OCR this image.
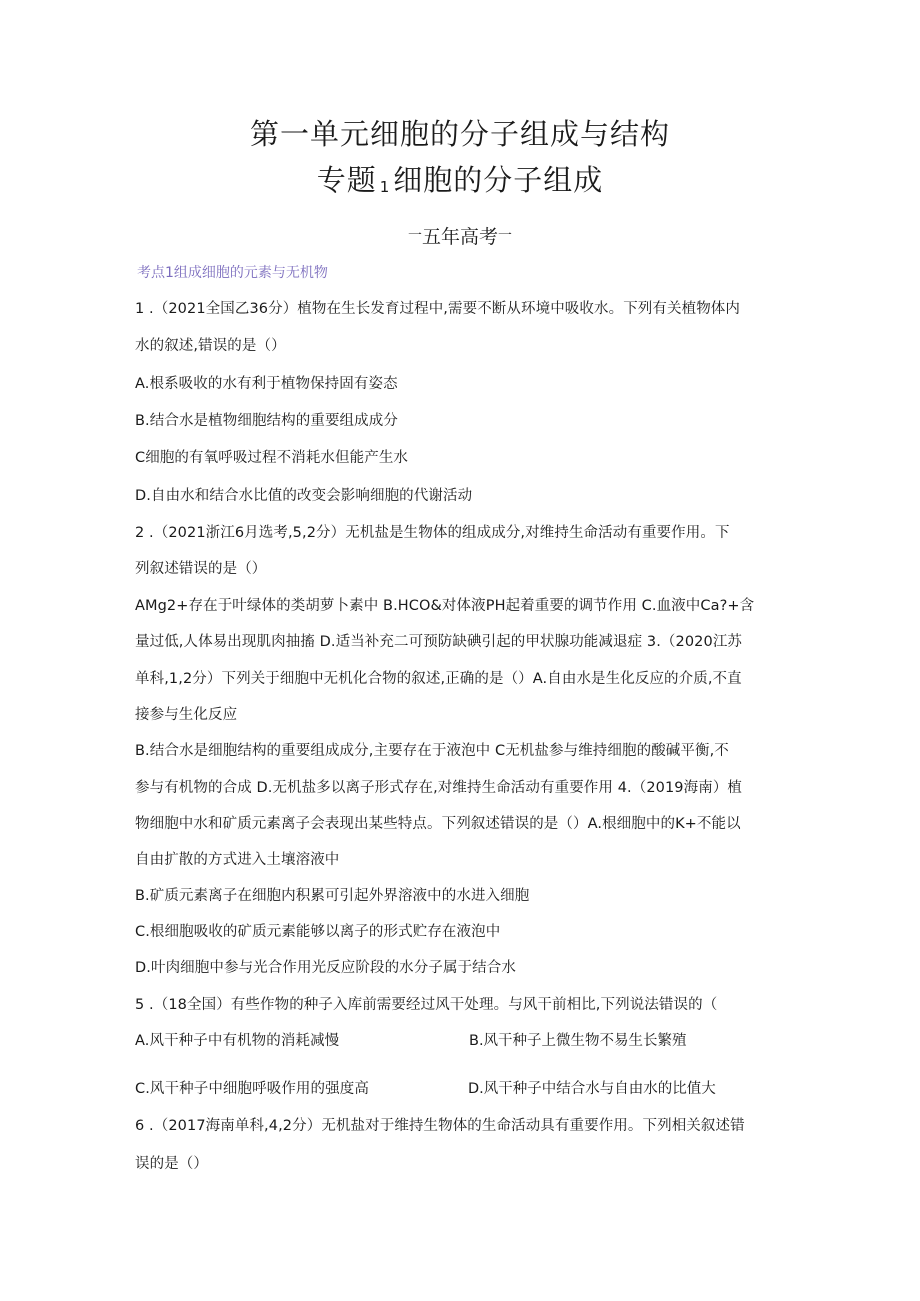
第一单元细胞的分子组成与结构
专题 1 细胞的分子组成
一五年高考一
考点1组成细胞的元素与无机物
1 .（2021全国乙36分）植物在生长发育过程中,需要不断从环境中吸收水。下列有关植物体内
水的叙述,错误的是（）
A.根系吸收的水有利于植物保持固有姿态
B.结合水是植物细胞结构的重要组成成分
C细胞的有氧呼吸过程不消耗水但能产生水
D.自由水和结合水比值的改变会影响细胞的代谢活动
2 .（2021浙江6月选考,5,2分）无机盐是生物体的组成成分,对维持生命活动有重要作用。下
列叙述错误的是（）
AMg2+存在于叶绿体的类胡萝卜素中 B.HCO&对体液PH起着重要的调节作用 C.血液中Ca?+含
量过低,人体易出现肌肉抽搐 D.适当补充二可预防缺碘引起的甲状腺功能减退症 3.（2020江苏
单科,1,2分）下列关于细胞中无机化合物的叙述,正确的是（）A.自由水是生化反应的介质,不直
接参与生化反应
B.结合水是细胞结构的重要组成成分,主要存在于液泡中 C无机盐参与维持细胞的酸碱平衡,不
参与有机物的合成 D.无机盐多以离子形式存在,对维持生命活动有重要作用 4.（2019海南）植
物细胞中水和矿质元素离子会表现出某些特点。下列叙述错误的是（）A.根细胞中的K+不能以
自由扩散的方式进入土壤溶液中
B.矿质元素离子在细胞内积累可引起外界溶液中的水进入细胞
C.根细胞吸收的矿质元素能够以离子的形式贮存在液泡中
D.叶肉细胞中参与光合作用光反应阶段的水分子属于结合水
5 .（18全国）有些作物的种子入库前需要经过风干处理。与风干前相比,下列说法错误的（
A.风干种子中有机物的消耗减慢	B.风干种子上微生物不易生长繁殖
C.风干种子中细胞呼吸作用的强度高	D.风干种子中结合水与自由水的比值大
6 .（2017海南单科,4,2分）无机盐对于维持生物体的生命活动具有重要作用。下列相关叙述错
误的是（）
